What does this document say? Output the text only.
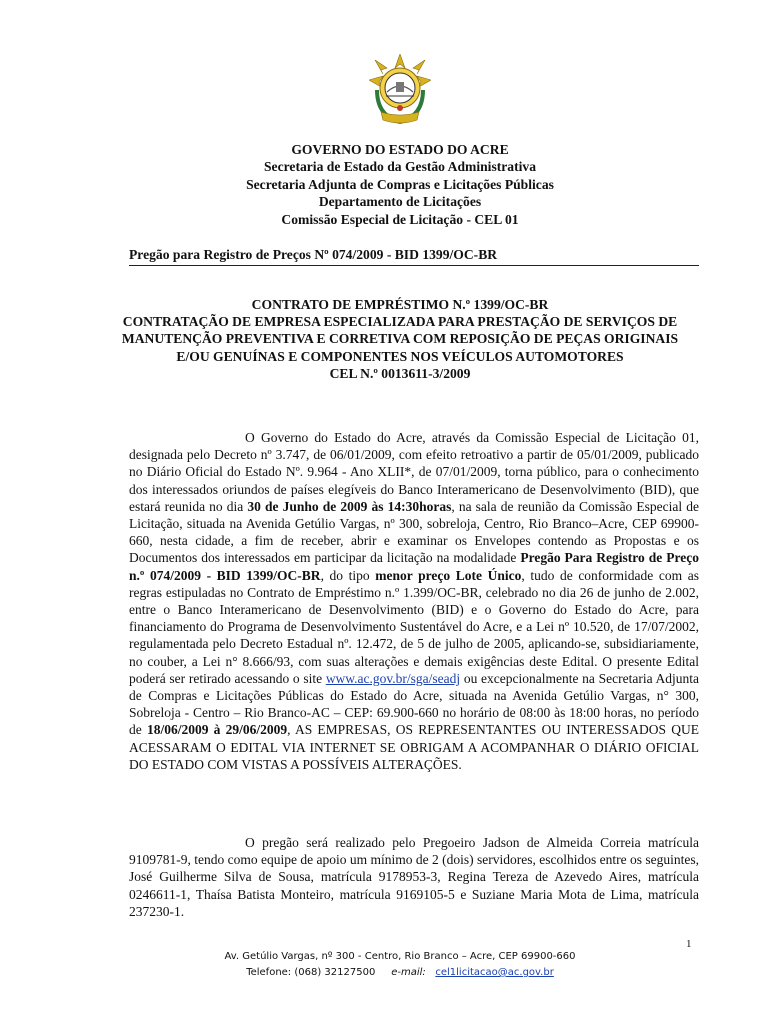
GOVERNO DO ESTADO DO ACRE
Secretaria de Estado da Gestão Administrativa
Secretaria Adjunta de Compras e Licitações Públicas
Departamento de Licitações
Comissão Especial de Licitação - CEL 01
Pregão para Registro de Preços Nº 074/2009 - BID 1399/OC-BR
CONTRATO DE EMPRÉSTIMO N.º 1399/OC-BR
CONTRATAÇÃO DE EMPRESA ESPECIALIZADA PARA PRESTAÇÃO DE SERVIÇOS DE MANUTENÇÃO PREVENTIVA E CORRETIVA COM REPOSIÇÃO DE PEÇAS ORIGINAIS E/OU GENUÍNAS E COMPONENTES NOS VEÍCULOS AUTOMOTORES
CEL N.º 0013611-3/2009
O Governo do Estado do Acre, através da Comissão Especial de Licitação 01, designada pelo Decreto nº 3.747, de 06/01/2009, com efeito retroativo a partir de 05/01/2009, publicado no Diário Oficial do Estado Nº. 9.964 - Ano XLII*, de 07/01/2009, torna público, para o conhecimento dos interessados oriundos de países elegíveis do Banco Interamericano de Desenvolvimento (BID), que estará reunida no dia 30 de Junho de 2009 às 14:30horas, na sala de reunião da Comissão Especial de Licitação, situada na Avenida Getúlio Vargas, nº 300, sobreloja, Centro, Rio Branco–Acre, CEP 69900-660, nesta cidade, a fim de receber, abrir e examinar os Envelopes contendo as Propostas e os Documentos dos interessados em participar da licitação na modalidade Pregão Para Registro de Preço n.º 074/2009 - BID 1399/OC-BR, do tipo menor preço Lote Único, tudo de conformidade com as regras estipuladas no Contrato de Empréstimo n.º 1.399/OC-BR, celebrado no dia 26 de junho de 2.002, entre o Banco Interamericano de Desenvolvimento (BID) e o Governo do Estado do Acre, para financiamento do Programa de Desenvolvimento Sustentável do Acre, e a Lei nº 10.520, de 17/07/2002, regulamentada pelo Decreto Estadual nº. 12.472, de 5 de julho de 2005, aplicando-se, subsidiariamente, no couber, a Lei n° 8.666/93, com suas alterações e demais exigências deste Edital. O presente Edital poderá ser retirado acessando o site www.ac.gov.br/sga/seadj ou excepcionalmente na Secretaria Adjunta de Compras e Licitações Públicas do Estado do Acre, situada na Avenida Getúlio Vargas, n° 300, Sobreloja - Centro – Rio Branco-AC – CEP: 69.900-660 no horário de 08:00 às 18:00 horas, no período de 18/06/2009 à 29/06/2009, AS EMPRESAS, OS REPRESENTANTES OU INTERESSADOS QUE ACESSARAM O EDITAL VIA INTERNET SE OBRIGAM A ACOMPANHAR O DIÁRIO OFICIAL DO ESTADO COM VISTAS A POSSÍVEIS ALTERAÇÕES.
O pregão será realizado pelo Pregoeiro Jadson de Almeida Correia matrícula 9109781-9, tendo como equipe de apoio um mínimo de 2 (dois) servidores, escolhidos entre os seguintes, José Guilherme Silva de Sousa, matrícula 9178953-3, Regina Tereza de Azevedo Aires, matrícula 0246611-1, Thaísa Batista Monteiro, matrícula 9169105-5 e Suziane Maria Mota de Lima, matrícula 237230-1.
1
Av. Getúlio Vargas, nº 300 - Centro, Rio Branco – Acre, CEP 69900-660
Telefone: (068) 32127500 e-mail: cel1licitacao@ac.gov.br
